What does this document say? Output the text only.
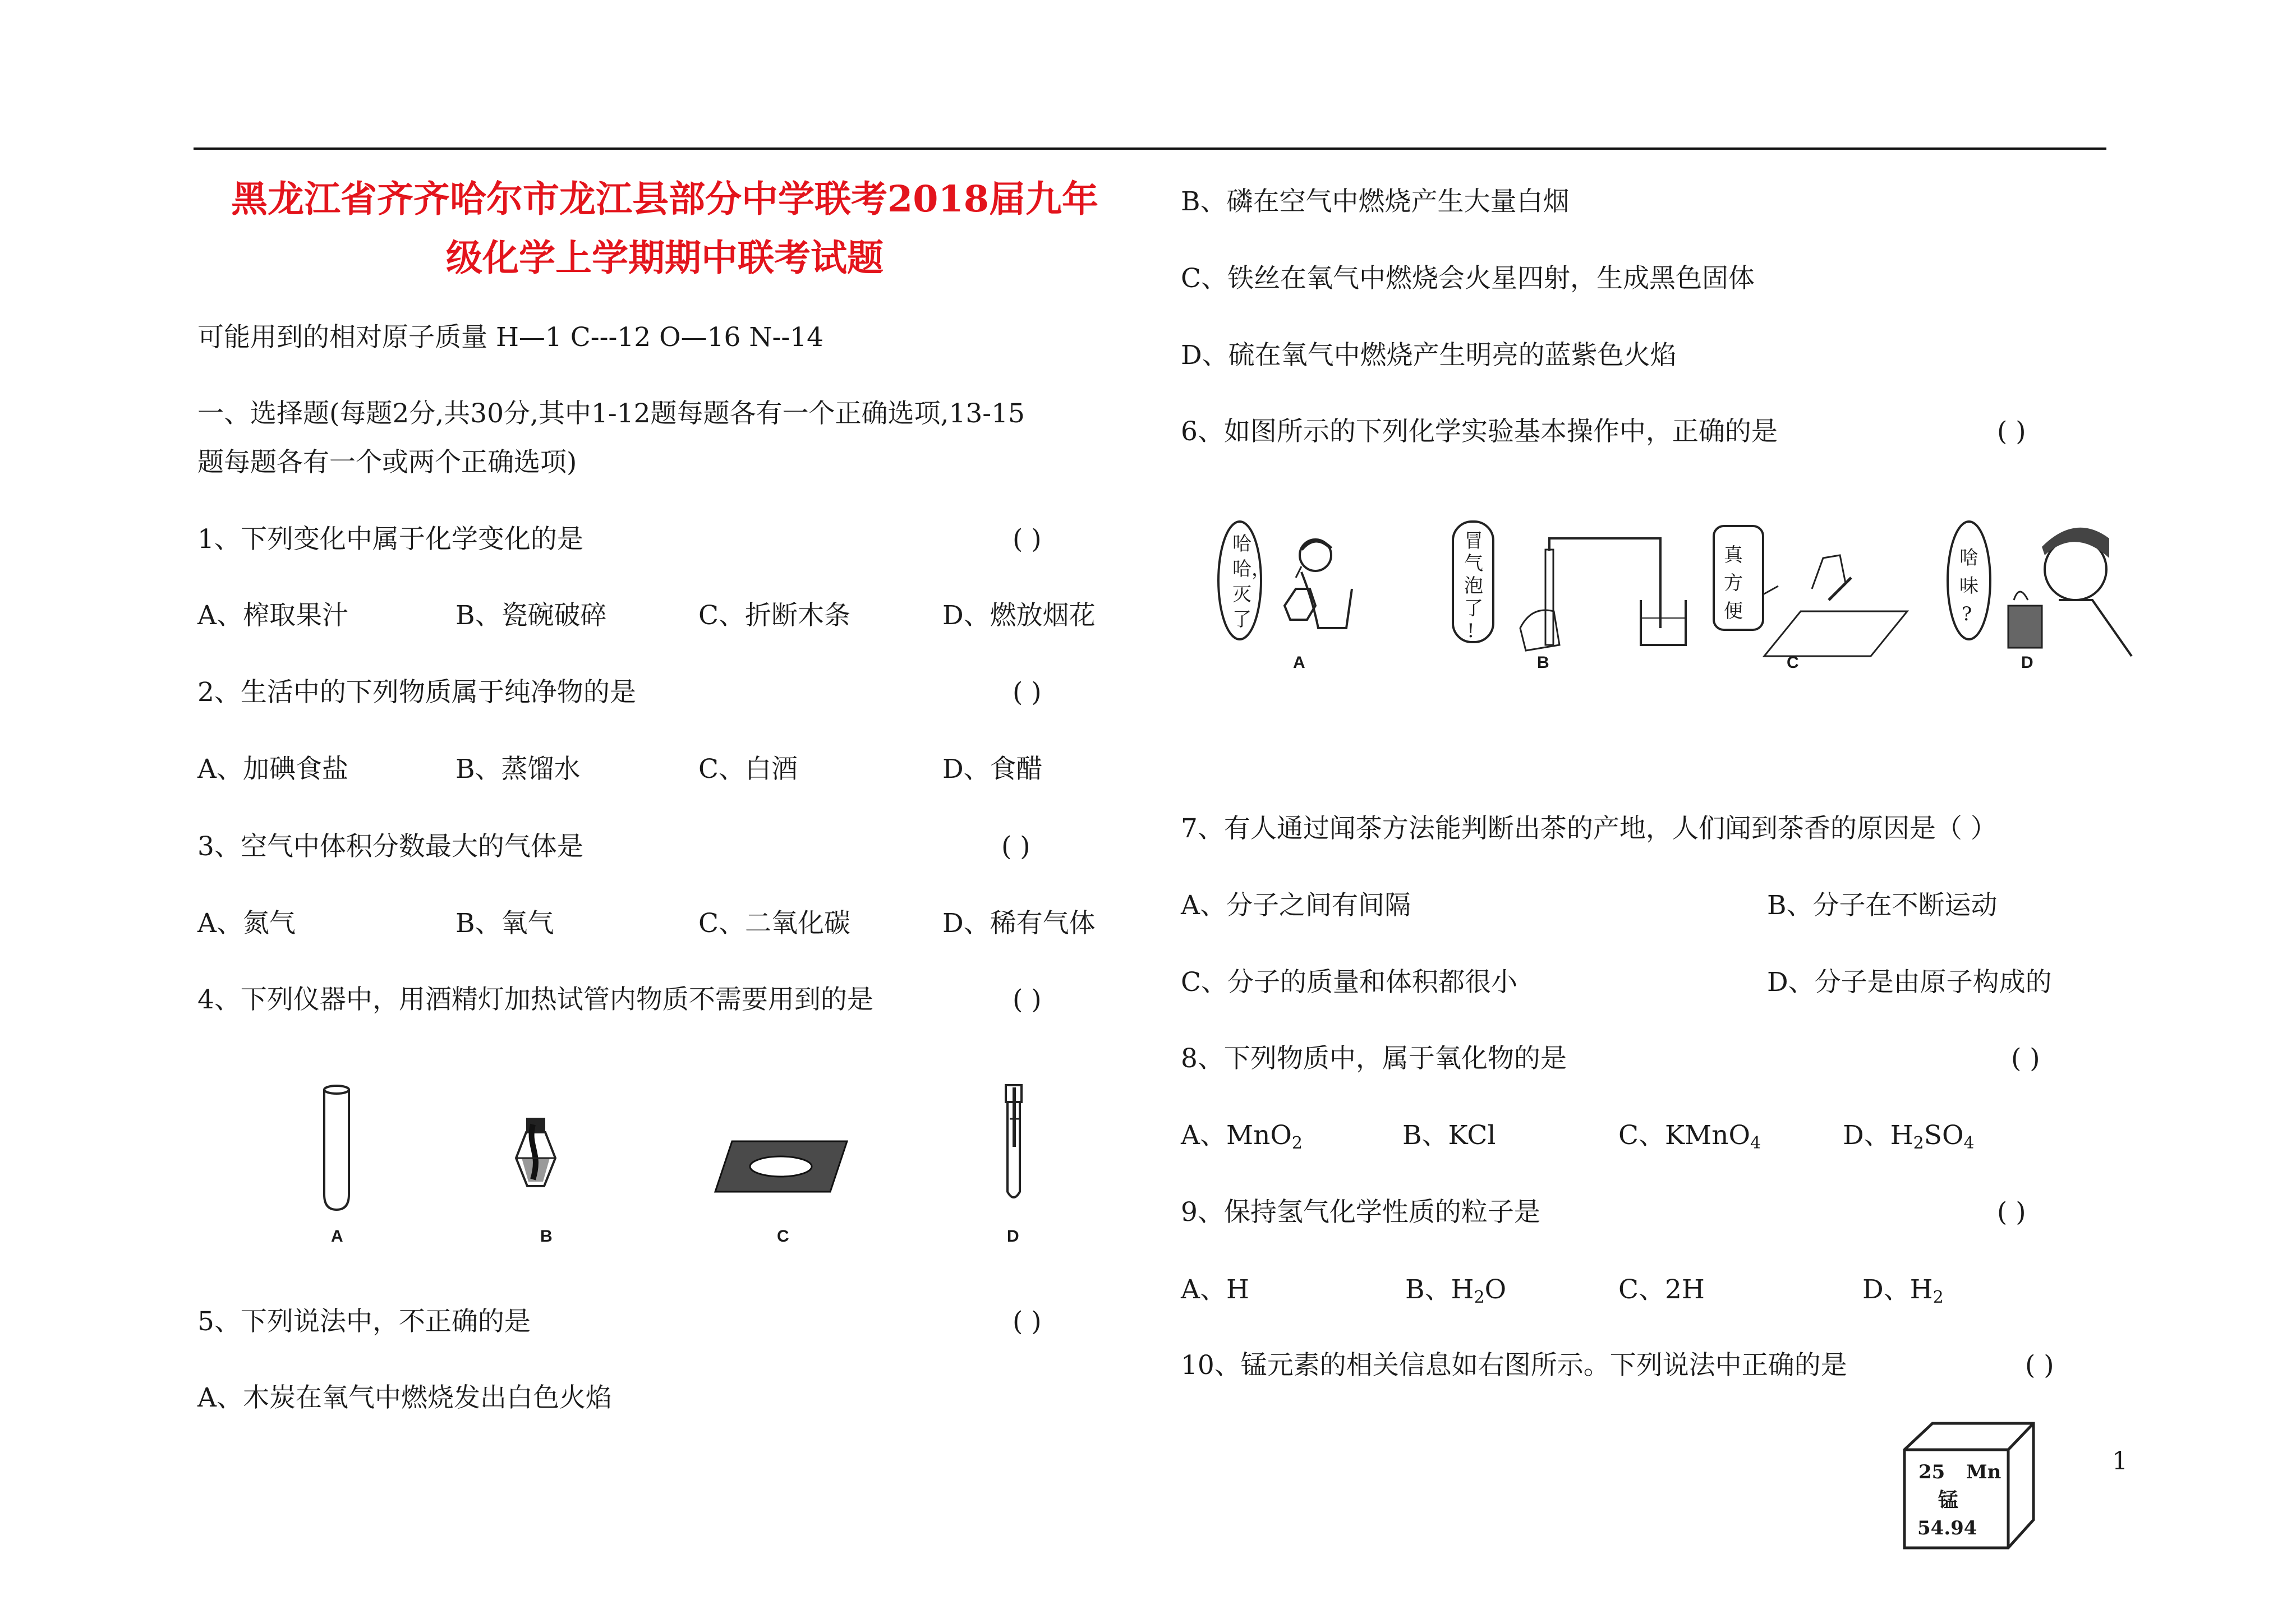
黑龙江省齐齐哈尔市龙江县部分中学联考2018届九年
级化学上学期期中联考试题
可能用到的相对原子质量 H—1 C---12 O—16 N--14
一、选择题(每题2分,共30分,其中1-12题每题各有一个正确选项,13-15
题每题各有一个或两个正确选项)
1、下列变化中属于化学变化的是	( )
A、榨取果汁	B、瓷碗破碎	C、折断木条	D、燃放烟花
2、生活中的下列物质属于纯净物的是	( )
A、加碘食盐	B、蒸馏水	C、白酒	D、食醋
3、空气中体积分数最大的气体是	( )
A、氮气	B、氧气	C、二氧化碳	D、稀有气体
4、下列仪器中，用酒精灯加热试管内物质不需要用到的是	( )
A	B	C	D
5、下列说法中，不正确的是	( )
A、木炭在氧气中燃烧发出白色火焰
B、磷在空气中燃烧产生大量白烟
C、铁丝在氧气中燃烧会火星四射，生成黑色固体
D、硫在氧气中燃烧产生明亮的蓝紫色火焰
6、如图所示的下列化学实验基本操作中，正确的是	( )
哈
哈，
灭
了
冒
气
泡
了
!
真
方
便
啥
味
?
A	B	C	D
7、有人通过闻茶方法能判断出茶的产地，人们闻到茶香的原因是（ ）
A、分子之间有间隔	B、分子在不断运动
C、分子的质量和体积都很小	D、分子是由原子构成的
8、下列物质中，属于氧化物的是	( )
A、MnO$_2$	B、KCl	C、KMnO$_4$	D、$H_2SO_4$
9、保持氢气化学性质的粒子是	( )
A、H	B、$H_2O$	C、2H	D、$H_2$
10、锰元素的相关信息如右图所示。下列说法中正确的是	( )
25 Mn
锰
54.94
1
